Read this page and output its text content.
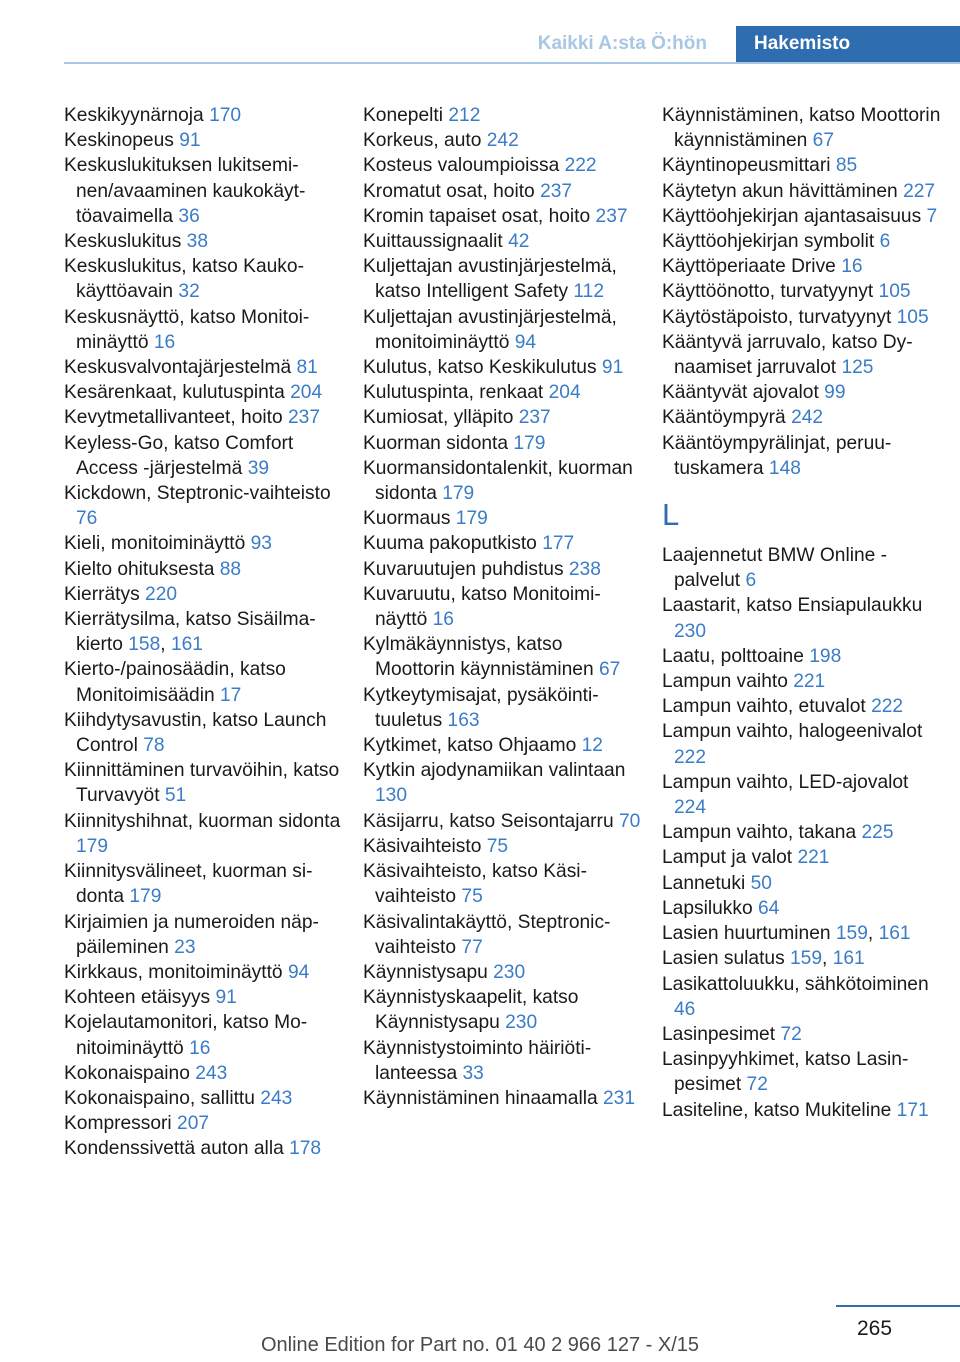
Kaikki A:sta Ö:hön	Hakemisto

Keskikyynärnoja 170

Keskinopeus 91

Keskuslukituksen lukitseminen/avaaminen kaukokäyttöavaimella 36

Keskuslukitus 38

Keskuslukitus, katso Kaukokäyttöavain 32

Keskusnäyttö, katso Monitoiminäyttö 16

Keskusvalvontajärjestelmä 81

Kesärenkaat, kulutuspinta 204

Kevytmetallivanteet, hoito 237

Keyless-Go, katso Comfort Access -järjestelmä 39

Kickdown, Steptronic-vaihteisto 76

Kieli, monitoiminäyttö 93

Kielto ohituksesta 88

Kierrätys 220

Kierrätysilma, katso Sisäilmakierto 158, 161

Kierto-/painosäädin, katso Monitoimisäädin 17

Kiihdytysavustin, katso Launch Control 78

Kiinnittäminen turvavöihin, katso Turvavyöt 51

Kiinnityshihnat, kuorman sidonta 179

Kiinnitysvälineet, kuorman sidonta 179

Kirjaimien ja numeroiden näppäileminen 23

Kirkkaus, monitoiminäyttö 94

Kohteen etäisyys 91

Kojelautamonitori, katso Monitoiminäyttö 16

Kokonaispaino 243

Kokonaispaino, sallittu 243

Kompressori 207

Kondenssivettä auton alla 178

Konepelti 212

Korkeus, auto 242

Kosteus valoumpioissa 222

Kromatut osat, hoito 237

Kromin tapaiset osat, hoito 237

Kuittaussignaalit 42

Kuljettajan avustinjärjestelmä, katso Intelligent Safety 112

Kuljettajan avustinjärjestelmä, monitoiminäyttö 94

Kulutus, katso Keskikulutus 91

Kulutuspinta, renkaat 204

Kumiosat, ylläpito 237

Kuorman sidonta 179

Kuormansidontalenkit, kuorman sidonta 179

Kuormaus 179

Kuuma pakoputkisto 177

Kuvaruutujen puhdistus 238

Kuvaruutu, katso Monitoiminäyttö 16

Kylmäkäynnistys, katso Moottorin käynnistäminen 67

Kytkeytymisajat, pysäköintituuletus 163

Kytkimet, katso Ohjaamo 12

Kytkin ajodynamiikan valintaan 130

Käsijarru, katso Seisontajarru 70

Käsivaihteisto 75

Käsivaihteisto, katso Käsivaihteisto 75

Käsivalintakäyttö, Steptronic-vaihteisto 77

Käynnistysapu 230

Käynnistyskaapelit, katso Käynnistysapu 230

Käynnistystoiminto häiriötilanteessa 33

Käynnistäminen hinaamalla 231

Käynnistäminen, katso Moottorin käynnistäminen 67

Käyntinopeusmittari 85

Käytetyn akun hävittäminen 227

Käyttöohjekirjan ajantasaisuus 7

Käyttöohjekirjan symbolit 6

Käyttöperiaate Drive 16

Käyttöönotto, turvatyynyt 105

Käytöstäpoisto, turvatyynyt 105

Kääntyvä jarruvalo, katso Dynaamiset jarruvalot 125

Kääntyvät ajovalot 99

Kääntöympyrä 242

Kääntöympyrälinjat, peruutuskamera 148

L

Laajennetut BMW Online -palvelut 6

Laastarit, katso Ensiapulaukku 230

Laatu, polttoaine 198

Lampun vaihto 221

Lampun vaihto, etuvalot 222

Lampun vaihto, halogeenivalot 222

Lampun vaihto, LED-ajovalot 224

Lampun vaihto, takana 225

Lamput ja valot 221

Lannetuki 50

Lapsilukko 64

Lasien huurtuminen 159, 161

Lasien sulatus 159, 161

Lasikattoluukku, sähkötoiminen 46

Lasinpesimet 72

Lasinpyyhkimet, katso Lasinpesimet 72

Lasiteline, katso Mukiteline 171

265
Online Edition for Part no. 01 40 2 966 127 - X/15
